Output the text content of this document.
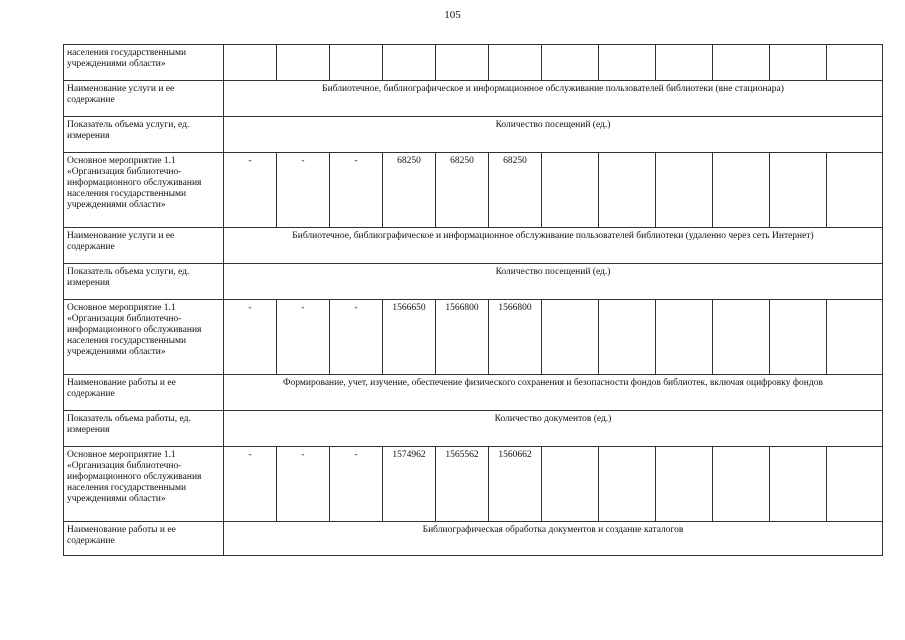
105
населения государственными учреждениями области»												
Наименование услуги и ее содержание	Библиотечное, библиографическое и информационное обслуживание пользователей библиотеки (вне стационара)											
Показатель объема услуги, ед. измерения	Количество посещений (ед.)											
Основное мероприятие 1.1 «Организация библиотечно-информационного обслуживания населения государственными учреждениями области»	-	-	-	68250	68250	68250						
Наименование услуги и ее содержание	Библиотечное, библиографическое и информационное обслуживание пользователей библиотеки (удаленно через сеть Интернет)											
Показатель объема услуги, ед. измерения	Количество посещений (ед.)											
Основное мероприятие 1.1 «Организация библиотечно-информационного обслуживания населения государственными учреждениями области»	-	-	-	1566650	1566800	1566800						
Наименование работы и ее содержание	Формирование, учет, изучение, обеспечение физического сохранения и безопасности фондов библиотек, включая оцифровку фондов											
Показатель объема работы, ед. измерения	Количество документов (ед.)											
Основное мероприятие 1.1 «Организация библиотечно-информационного обслуживания населения государственными учреждениями области»	-	-	-	1574962	1565562	1560662						
Наименование работы и ее содержание	Библиографическая обработка документов и создание каталогов											
